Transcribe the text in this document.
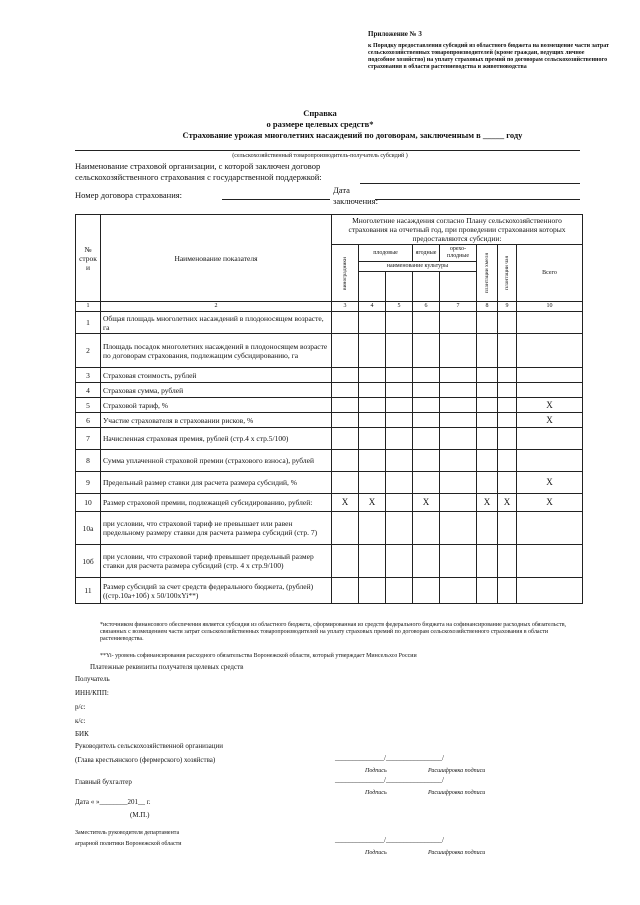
Приложение № 3
к Порядку предоставления субсидий из областного бюджета на возмещение части затрат сельскохозяйственных товаропроизводителей (кроме граждан, ведущих личное подсобное хозяйство) на уплату страховых премий по договорам сельскохозяйственного страхования в области растениеводства и животноводства
Справка
о размере целевых средств*
Страхование урожая многолетних насаждений по договорам, заключенным в _____ году
(сельскохозяйственный товаропроизводитель-получатель субсидий )
Наименование страховой организации, с которой заключен договор сельскохозяйственного страхования с государственной поддержкой:
Номер договора страхования:	Дата заключения:
№ строк и	Наименование показателя	Многолетние насаждения согласно Плану сельскохозяйственного страхования на отчетный год, при проведении страхования которых предоставляются субсидии:							

		виноградники	плодовые		ягодные	орехо- плодные	плантации хмеля	плантации чая	Всего
			наименование культуры						

1	2	3	4	5	6	7	8	9	10
1	Общая площадь многолетних насаждений в плодоносящем возрасте, га								
2	Площадь посадок многолетних насаждений в плодоносящем возрасте по договорам страхования, подлежащим субсидированию, га								
3	Страховая стоимость, рублей								
4	Страховая сумма, рублей								
5	Страховой тариф, %								Х
6	Участие страхователя в страховании рисков, %								Х
7	Начисленная страховая премия, рублей (стр.4 х стр.5/100)								
8	Сумма уплаченной страховой премии (страхового взноса), рублей								
9	Предельный размер ставки для расчета размера субсидий, %								Х
10	Размер страховой премии, подлежащей субсидированию, рублей:	Х	Х		Х		Х	Х	Х
10а	при условии, что страховой тариф не превышает или равен предельному размеру ставки для расчета размера субсидий (стр. 7)								
10б	при условии, что страховой тариф превышает предельный размер ставки для расчета размера субсидий (стр. 4 х стр.9/100)								
11	Размер субсидий за счет средств федерального бюджета, (рублей) ((стр.10а+10б) х 50/100хYi**)								
*источником финансового обеспечения является субсидия из областного бюджета, сформированная из средств федерального бюджета на софинансирование расходных обязательств, связанных с возмещением части затрат сельскохозяйственных товаропроизводителей на уплату страховых премий по договорам сельскохозяйственного страхования в области растениеводства.
**Yi- уровень софинансирования расходного обязательства Воронежской области, который утверждает Минсельхоз России
Платежные реквизиты получателя целевых средств
Получатель
ИНН/КПП:
р/с:
к/с:
БИК
Руководитель сельскохозяйственной организации
(Глава крестьянского (фермерского) хозяйства)	______________/________________/
Подпись	Расшифровка подписи
Главный бухгалтер	______________/________________/
Подпись	Расшифровка подписи
Дата « »________201__ г.
(М.П.)
Заместитель руководителя департамента
аграрной политики Воронежской области	______________/________________/
Подпись	Расшифровка подписи
